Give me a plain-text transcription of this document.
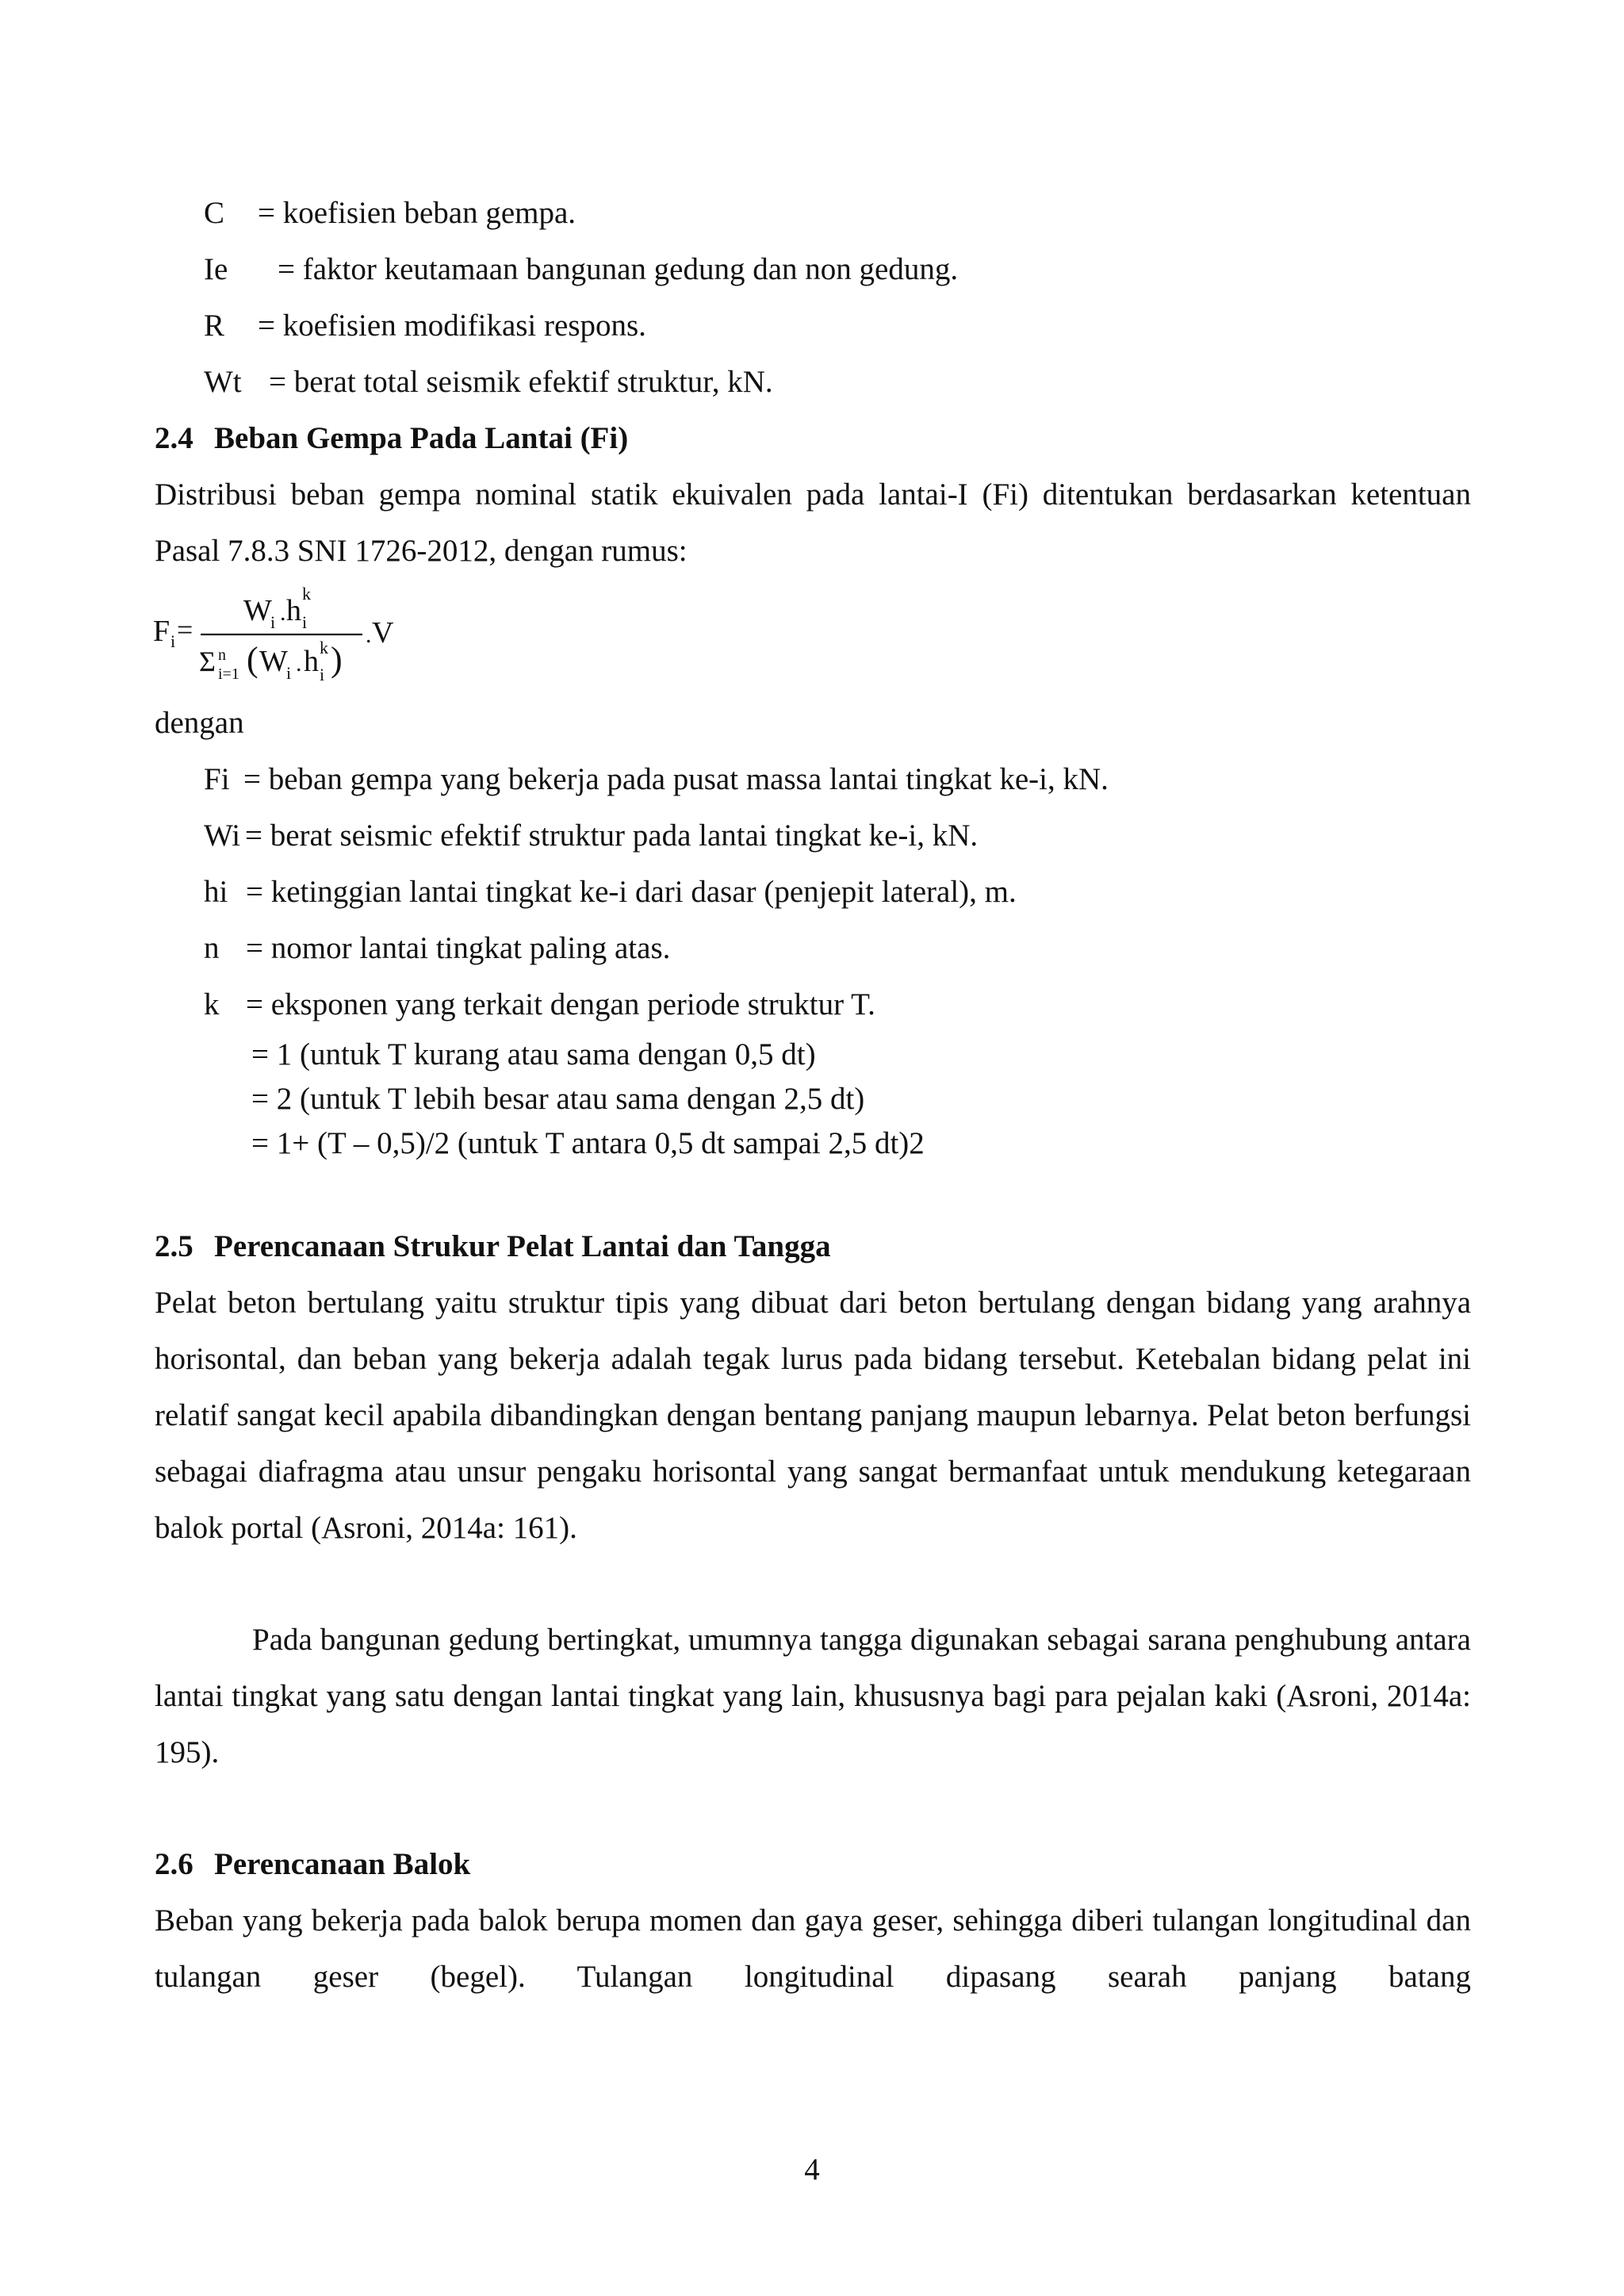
C = koefisien beban gempa.
Ie = faktor keutamaan bangunan gedung dan non gedung.
R = koefisien modifikasi respons.
Wt = berat total seismik efektif struktur, kN.
2.4 Beban Gempa Pada Lantai (Fi)

Distribusi beban gempa nominal statik ekuivalen pada lantai-I (Fi) ditentukan berdasarkan ketentuan Pasal 7.8.3 SNI 1726-2012, dengan rumus:

F i =
W
i . h i
k
Σ n
i=1 ( W
i . h i
k )
. V
dengan
Fi = beban gempa yang bekerja pada pusat massa lantai tingkat ke-i, kN.
Wi = berat seismic efektif struktur pada lantai tingkat ke-i, kN.
hi = ketinggian lantai tingkat ke-i dari dasar (penjepit lateral), m.
n = nomor lantai tingkat paling atas.
k = eksponen yang terkait dengan periode struktur T.
= 1 (untuk T kurang atau sama dengan 0,5 dt)
= 2 (untuk T lebih besar atau sama dengan 2,5 dt)
= 1+ (T – 0,5)/2 (untuk T antara 0,5 dt sampai 2,5 dt)2
2.5 Perencanaan Strukur Pelat Lantai dan Tangga

Pelat beton bertulang yaitu struktur tipis yang dibuat dari beton bertulang dengan bidang yang arahnya horisontal, dan beban yang bekerja adalah tegak lurus pada bidang tersebut. Ketebalan bidang pelat ini relatif sangat kecil apabila dibandingkan dengan bentang panjang maupun lebarnya. Pelat beton berfungsi sebagai diafragma atau unsur pengaku horisontal yang sangat bermanfaat untuk mendukung ketegaraan balok portal (Asroni, 2014a: 161).

Pada bangunan gedung bertingkat, umumnya tangga digunakan sebagai sarana penghubung antara lantai tingkat yang satu dengan lantai tingkat yang lain, khususnya bagi para pejalan kaki (Asroni, 2014a: 195).

2.6 Perencanaan Balok

Beban yang bekerja pada balok berupa momen dan gaya geser, sehingga diberi tulangan longitudinal dan tulangan geser (begel). Tulangan longitudinal dipasang searah panjang batang

4
